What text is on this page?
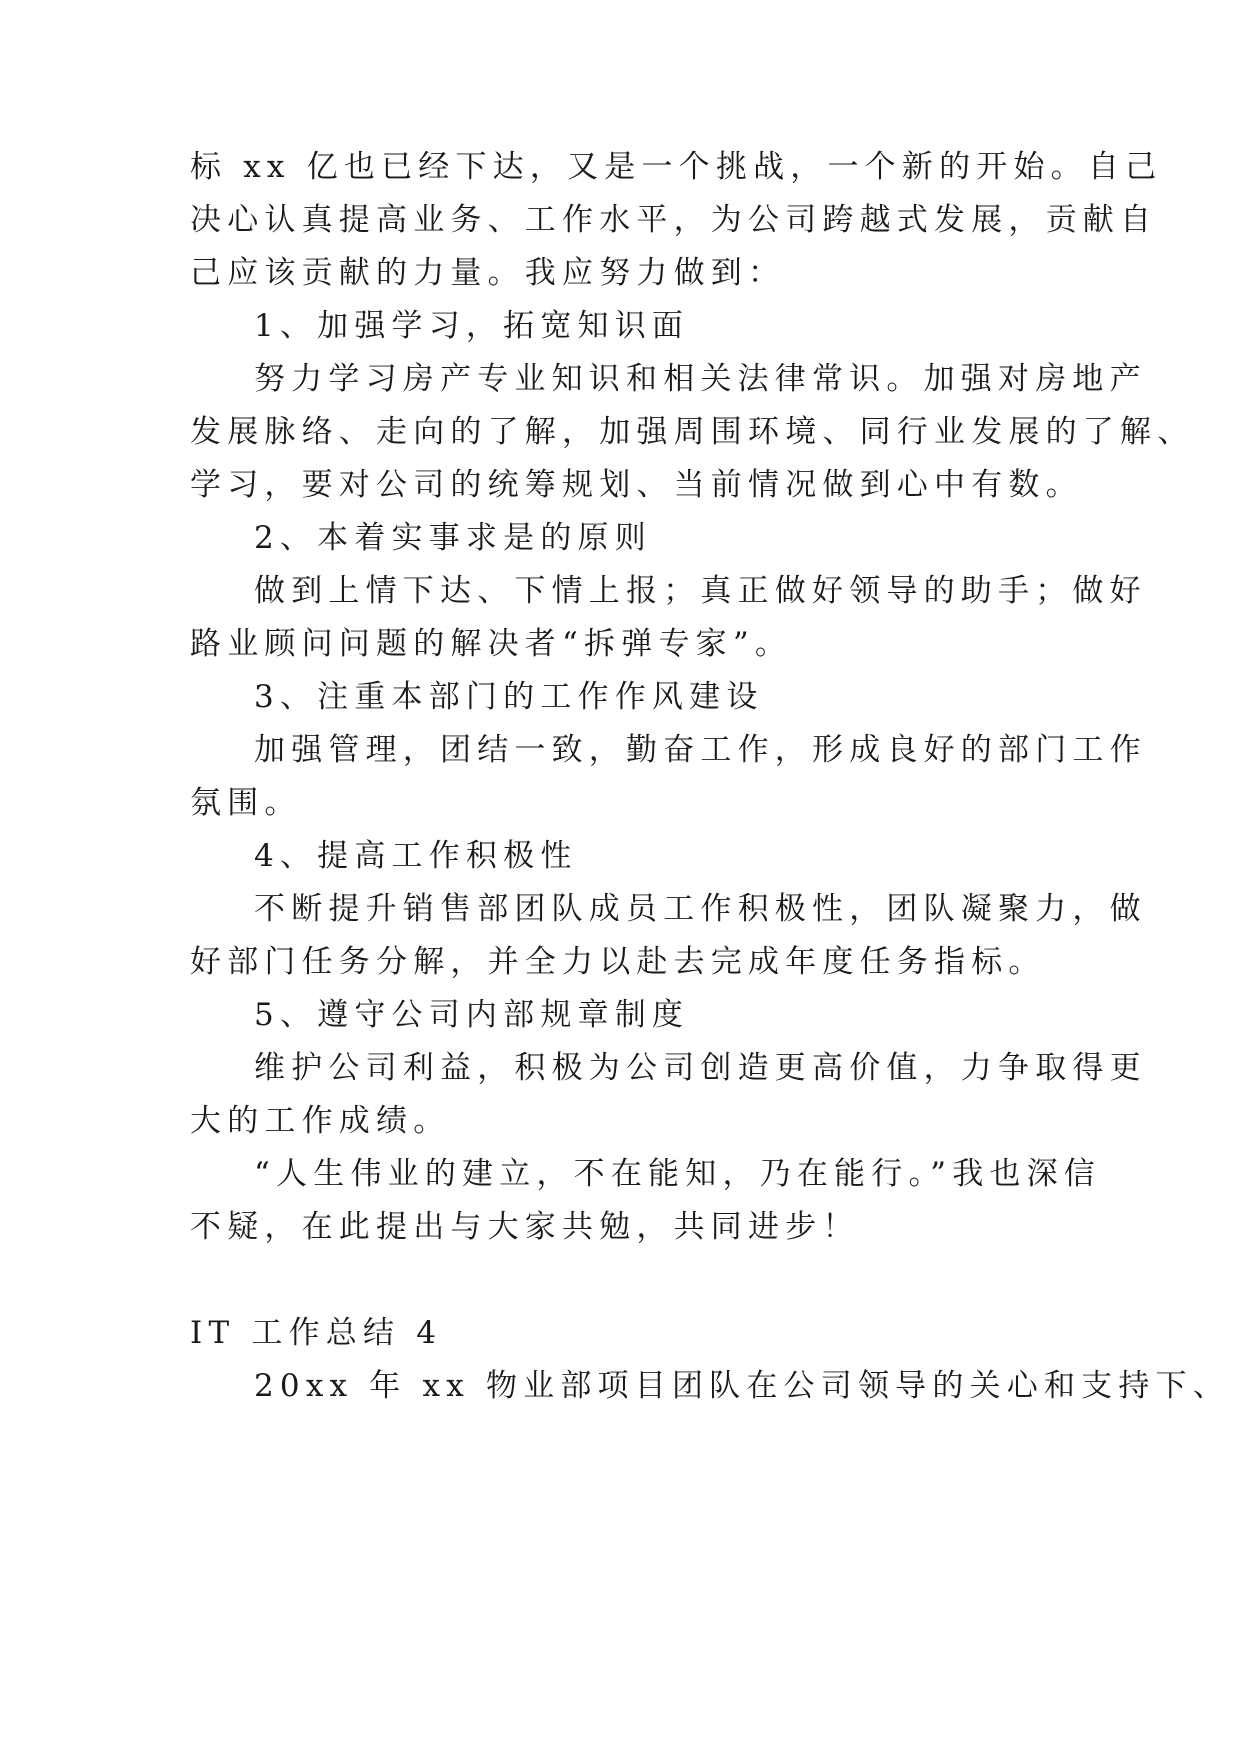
标 xx 亿也已经下达，又是一个挑战，一个新的开始。自己
决心认真提高业务、工作水平，为公司跨越式发展，贡献自
己应该贡献的力量。我应努力做到：
1、加强学习，拓宽知识面
努力学习房产专业知识和相关法律常识。加强对房地产
发展脉络、走向的了解，加强周围环境、同行业发展的了解、
学习，要对公司的统筹规划、当前情况做到心中有数。
2、本着实事求是的原则
做到上情下达、下情上报；真正做好领导的助手；做好
路业顾问问题的解决者“拆弹专家”。
3、注重本部门的工作作风建设
加强管理，团结一致，勤奋工作，形成良好的部门工作
氛围。
4、提高工作积极性
不断提升销售部团队成员工作积极性，团队凝聚力，做
好部门任务分解，并全力以赴去完成年度任务指标。
5、遵守公司内部规章制度
维护公司利益，积极为公司创造更高价值，力争取得更
大的工作成绩。
“人生伟业的建立，不在能知，乃在能行。”我也深信
不疑，在此提出与大家共勉，共同进步！
IT 工作总结 4
20xx 年 xx 物业部项目团队在公司领导的关心和支持下、
